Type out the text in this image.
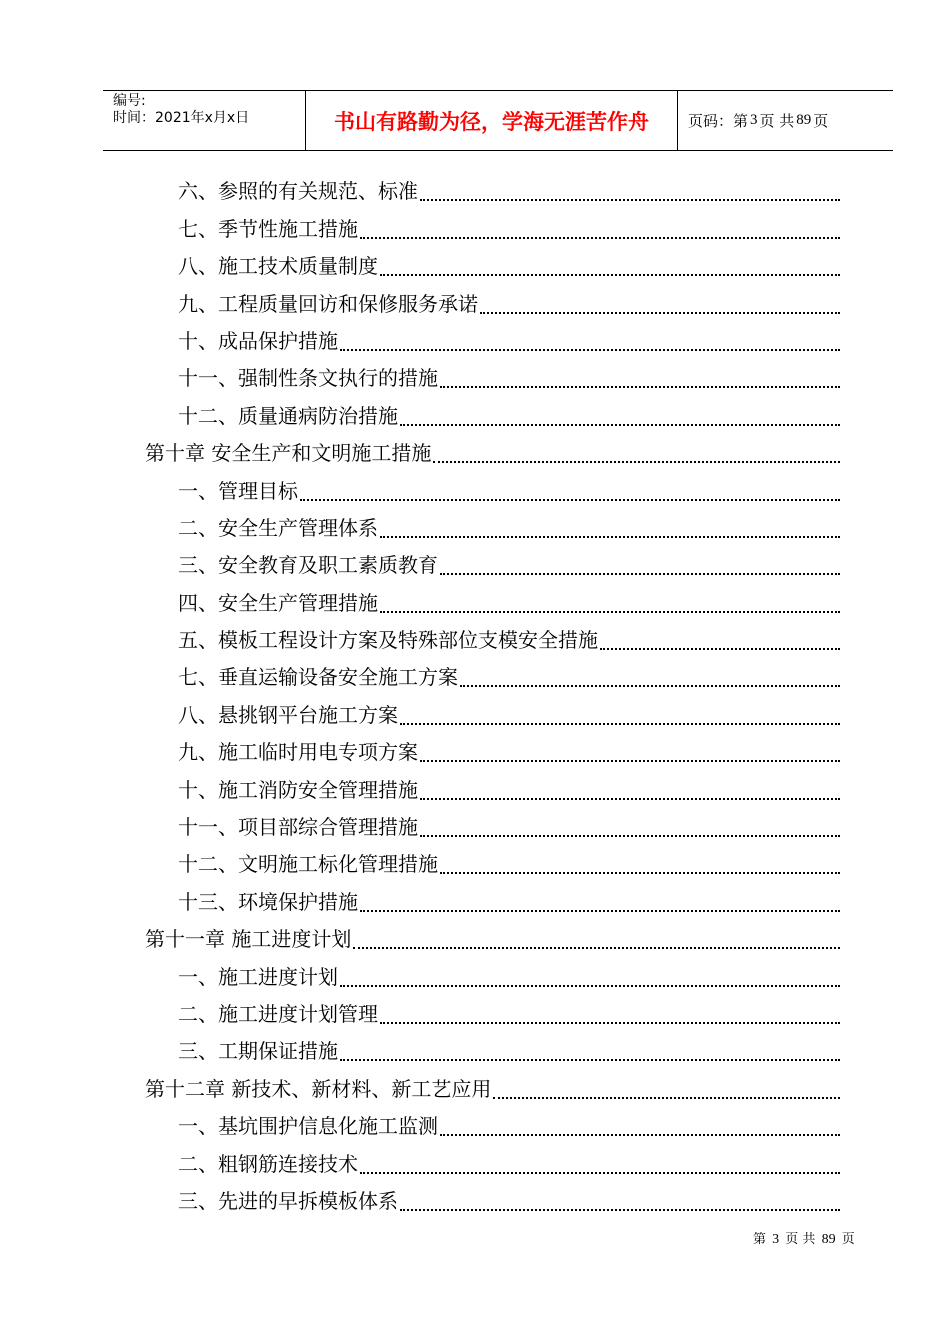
编号:
时间：2021年x月x日	书山有路勤为径，学海无涯苦作舟	页码：第 3 页 共 89 页
六、参照的有关规范、标准
七、季节性施工措施
八、施工技术质量制度
九、工程质量回访和保修服务承诺
十、成品保护措施
十一、强制性条文执行的措施
十二、质量通病防治措施
第十章 安全生产和文明施工措施
一、管理目标
二、安全生产管理体系
三、安全教育及职工素质教育
四、安全生产管理措施
五、模板工程设计方案及特殊部位支模安全措施
七、垂直运输设备安全施工方案
八、悬挑钢平台施工方案
九、施工临时用电专项方案
十、施工消防安全管理措施
十一、项目部综合管理措施
十二、文明施工标化管理措施
十三、环境保护措施
第十一章 施工进度计划
一、施工进度计划
二、施工进度计划管理
三、工期保证措施
第十二章 新技术、新材料、新工艺应用
一、基坑围护信息化施工监测
二、粗钢筋连接技术
三、先进的早拆模板体系
第 3 页 共 89 页
